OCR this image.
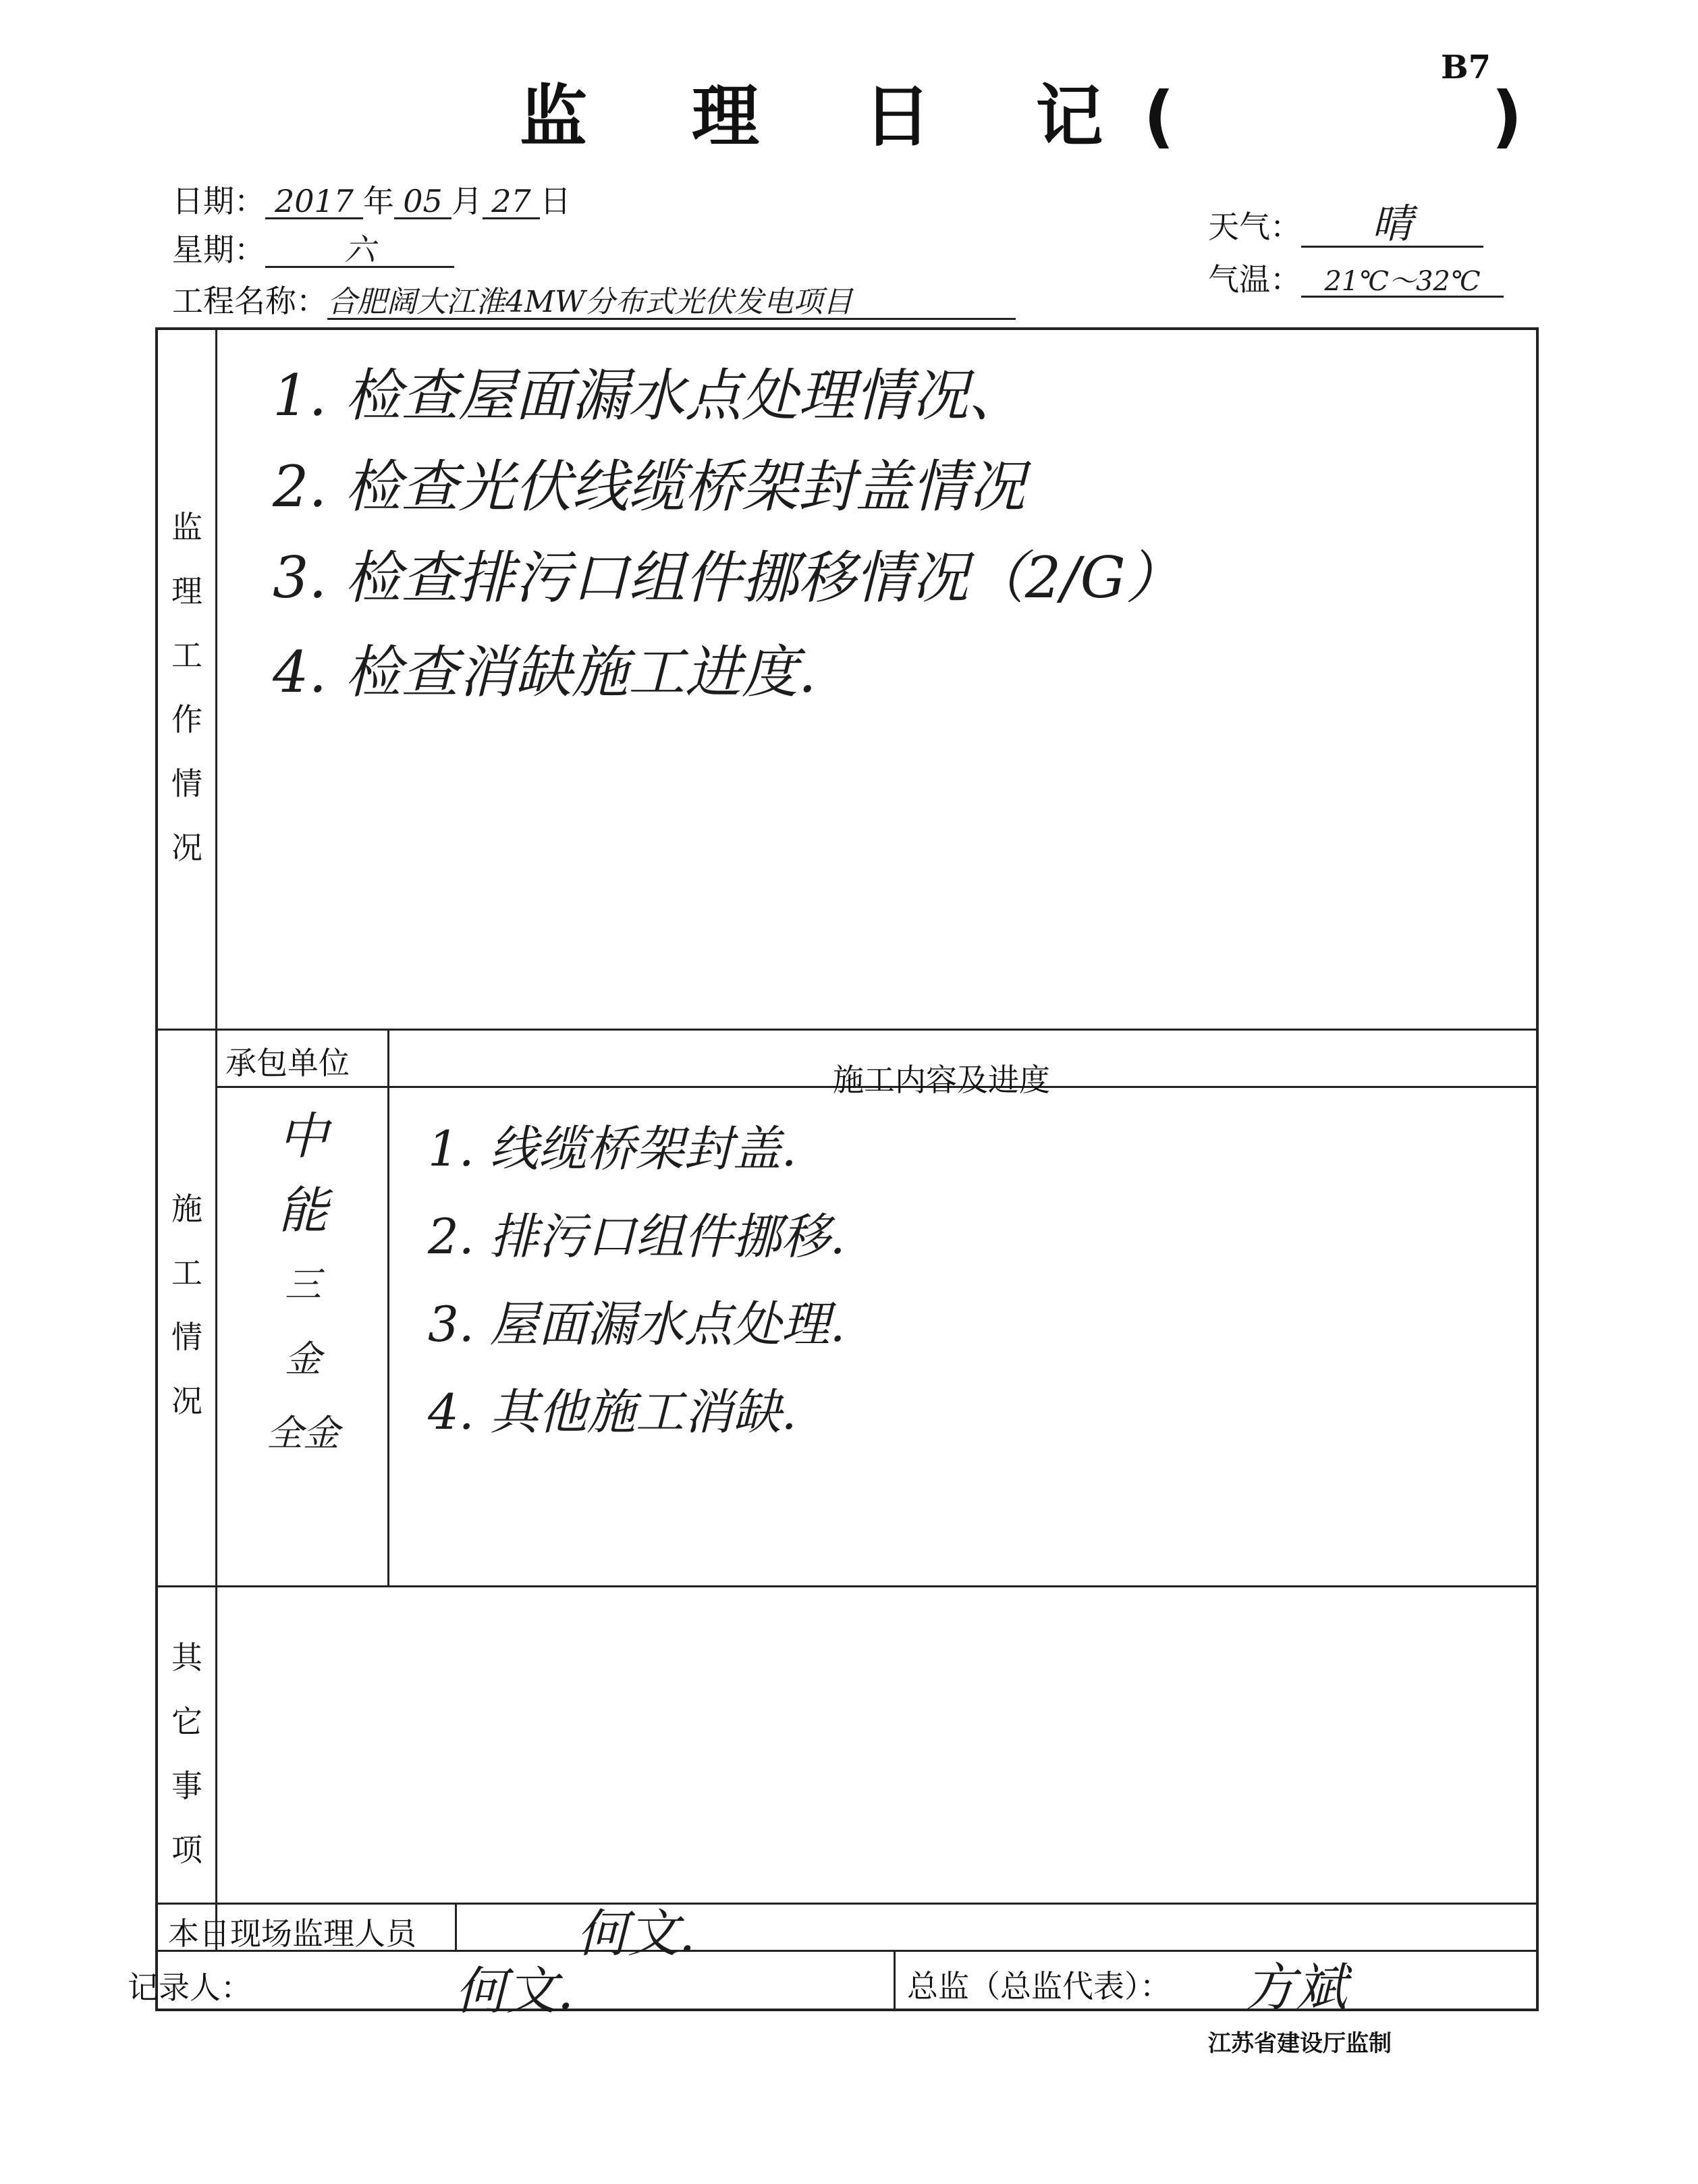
B7
监 理 日 记(	)
日期： 2017 年 05 月 27 日
星期：	六
工程名称：合肥阔大江淮4MW分布式光伏发电项目
天气： 晴
气温： 21℃～32℃
监
理
工
作
情
况
施
工
情
况
其
它
事
项
1. 检查屋面漏水点处理情况、
2. 检查光伏线缆桥架封盖情况
3. 检查排污口组件挪移情况（2/G）
4. 检查消缺施工进度.
承包单位	施工内容及进度
中
能
三
金
全金
1. 线缆桥架封盖.
2. 排污口组件挪移.
3. 屋面漏水点处理.
4. 其他施工消缺.
本日现场监理人员	何文.
记录人：	何文.	总监（总监代表）： 方斌
江苏省建设厅监制
